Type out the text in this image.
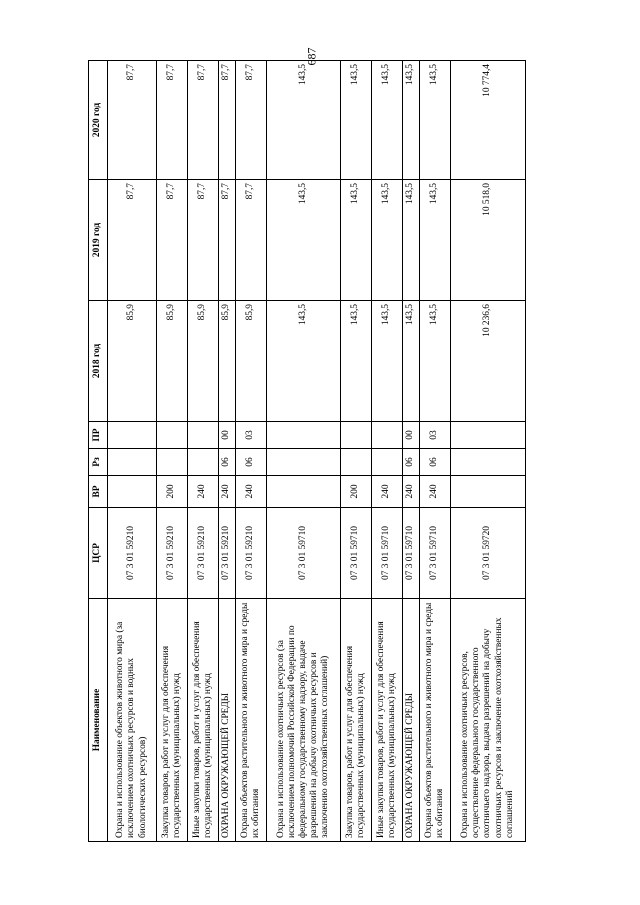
687
Наименование	ЦСР	ВР	Рз	ПР	2018 год	2019 год	2020 год
Охрана и использование объектов животного мира (за исключением охотничьих ресурсов и водных биологических ресурсов)	07 3 01 59210				85,9	87,7	87,7
Закупка товаров, работ и услуг для обеспечения государственных (муниципальных) нужд	07 3 01 59210	200			85,9	87,7	87,7
Иные закупки товаров, работ и услуг для обеспечения государственных (муниципальных) нужд	07 3 01 59210	240			85,9	87,7	87,7
ОХРАНА ОКРУЖАЮЩЕЙ СРЕДЫ	07 3 01 59210	240	06	00	85,9	87,7	87,7
Охрана объектов растительного и животного мира и среды их обитания	07 3 01 59210	240	06	03	85,9	87,7	87,7
Охрана и использование охотничьих ресурсов (за исключением полномочий Российской Федерации по федеральному государственному надзору, выдаче разрешений на добычу охотничьих ресурсов и заключению охотхозяйственных соглашений)	07 3 01 59710				143,5	143,5	143,5
Закупка товаров, работ и услуг для обеспечения государственных (муниципальных) нужд	07 3 01 59710	200			143,5	143,5	143,5
Иные закупки товаров, работ и услуг для обеспечения государственных (муниципальных) нужд	07 3 01 59710	240			143,5	143,5	143,5
ОХРАНА ОКРУЖАЮЩЕЙ СРЕДЫ	07 3 01 59710	240	06	00	143,5	143,5	143,5
Охрана объектов растительного и животного мира и среды их обитания	07 3 01 59710	240	06	03	143,5	143,5	143,5
Охрана и использование охотничьих ресурсов, осуществление федерального государственного охотничьего надзора, выдача разрешений на добычу охотничьих ресурсов и заключение охотхозяйственных соглашений	07 3 01 59720				10 236,6	10 518,0	10 774,4
